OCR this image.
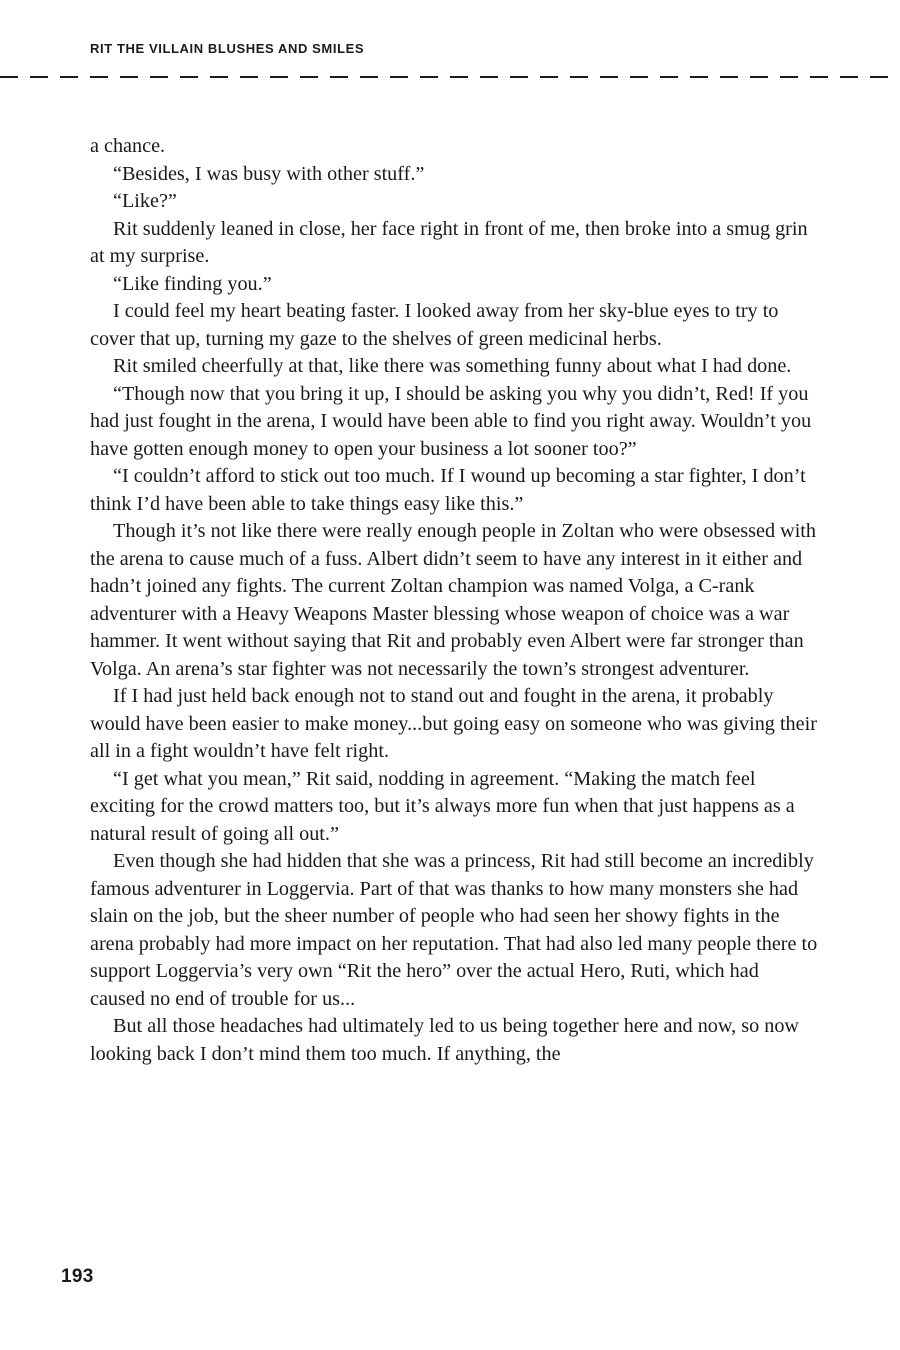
RIT THE VILLAIN BLUSHES AND SMILES

a chance.

“Besides, I was busy with other stuff.”

“Like?”

Rit suddenly leaned in close, her face right in front of me, then broke into a smug grin at my surprise.

“Like finding you.”

I could feel my heart beating faster. I looked away from her sky-blue eyes to try to cover that up, turning my gaze to the shelves of green medicinal herbs.

Rit smiled cheerfully at that, like there was something funny about what I had done.

“Though now that you bring it up, I should be asking you why you didn’t, Red! If you had just fought in the arena, I would have been able to find you right away. Wouldn’t you have gotten enough money to open your business a lot sooner too?”

“I couldn’t afford to stick out too much. If I wound up becoming a star fighter, I don’t think I’d have been able to take things easy like this.”

Though it’s not like there were really enough people in Zoltan who were obsessed with the arena to cause much of a fuss. Albert didn’t seem to have any interest in it either and hadn’t joined any fights. The current Zoltan champion was named Volga, a C-rank adventurer with a Heavy Weapons Master blessing whose weapon of choice was a war hammer. It went without saying that Rit and probably even Albert were far stronger than Volga. An arena’s star fighter was not necessarily the town’s strongest adventurer.

If I had just held back enough not to stand out and fought in the arena, it probably would have been easier to make money...but going easy on someone who was giving their all in a fight wouldn’t have felt right.

“I get what you mean,” Rit said, nodding in agreement. “Making the match feel exciting for the crowd matters too, but it’s always more fun when that just happens as a natural result of going all out.”

Even though she had hidden that she was a princess, Rit had still become an incredibly famous adventurer in Loggervia. Part of that was thanks to how many monsters she had slain on the job, but the sheer number of people who had seen her showy fights in the arena probably had more impact on her reputation. That had also led many people there to support Loggervia’s very own “Rit the hero” over the actual Hero, Ruti, which had caused no end of trouble for us...

But all those headaches had ultimately led to us being together here and now, so now looking back I don’t mind them too much. If anything, the

193
